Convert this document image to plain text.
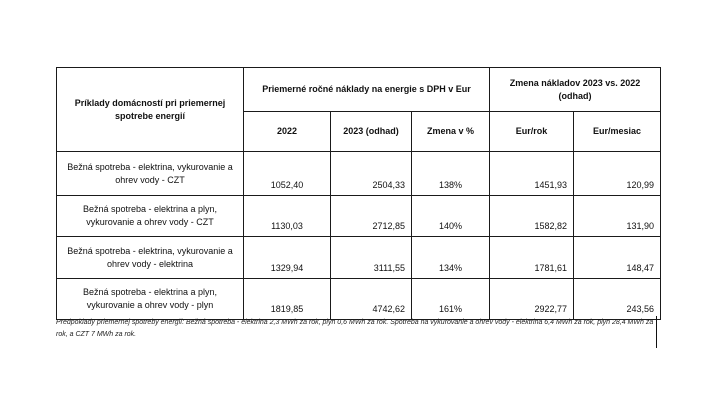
Príklady domácností pri priemernej spotrebe energií	Priemerné ročné náklady na energie s DPH v Eur			Zmena nákladov 2023 vs. 2022 (odhad)	
	2022	2023 (odhad)	Zmena v %	Eur/rok	Eur/mesiac
Bežná spotreba - elektrina, vykurovanie a ohrev vody - CZT	1052,40	2504,33	138%	1451,93	120,99
Bežná spotreba - elektrina a plyn, vykurovanie a ohrev vody - CZT	1130,03	2712,85	140%	1582,82	131,90
Bežná spotreba - elektrina, vykurovanie a ohrev vody - elektrina	1329,94	3111,55	134%	1781,61	148,47
Bežná spotreba - elektrina a plyn, vykurovanie a ohrev vody - plyn	1819,85	4742,62	161%	2922,77	243,56
Predpoklady priemernej spotreby energií: Bežná spotreba - elektrina 2,3 MWh za rok, plyn 0,6 MWh za rok. Spotreba na vykurovanie a ohrev vody - elektrina 6,4 MWh za rok, plyn 28,4 MWh za rok, a CZT 7 MWh za rok.
